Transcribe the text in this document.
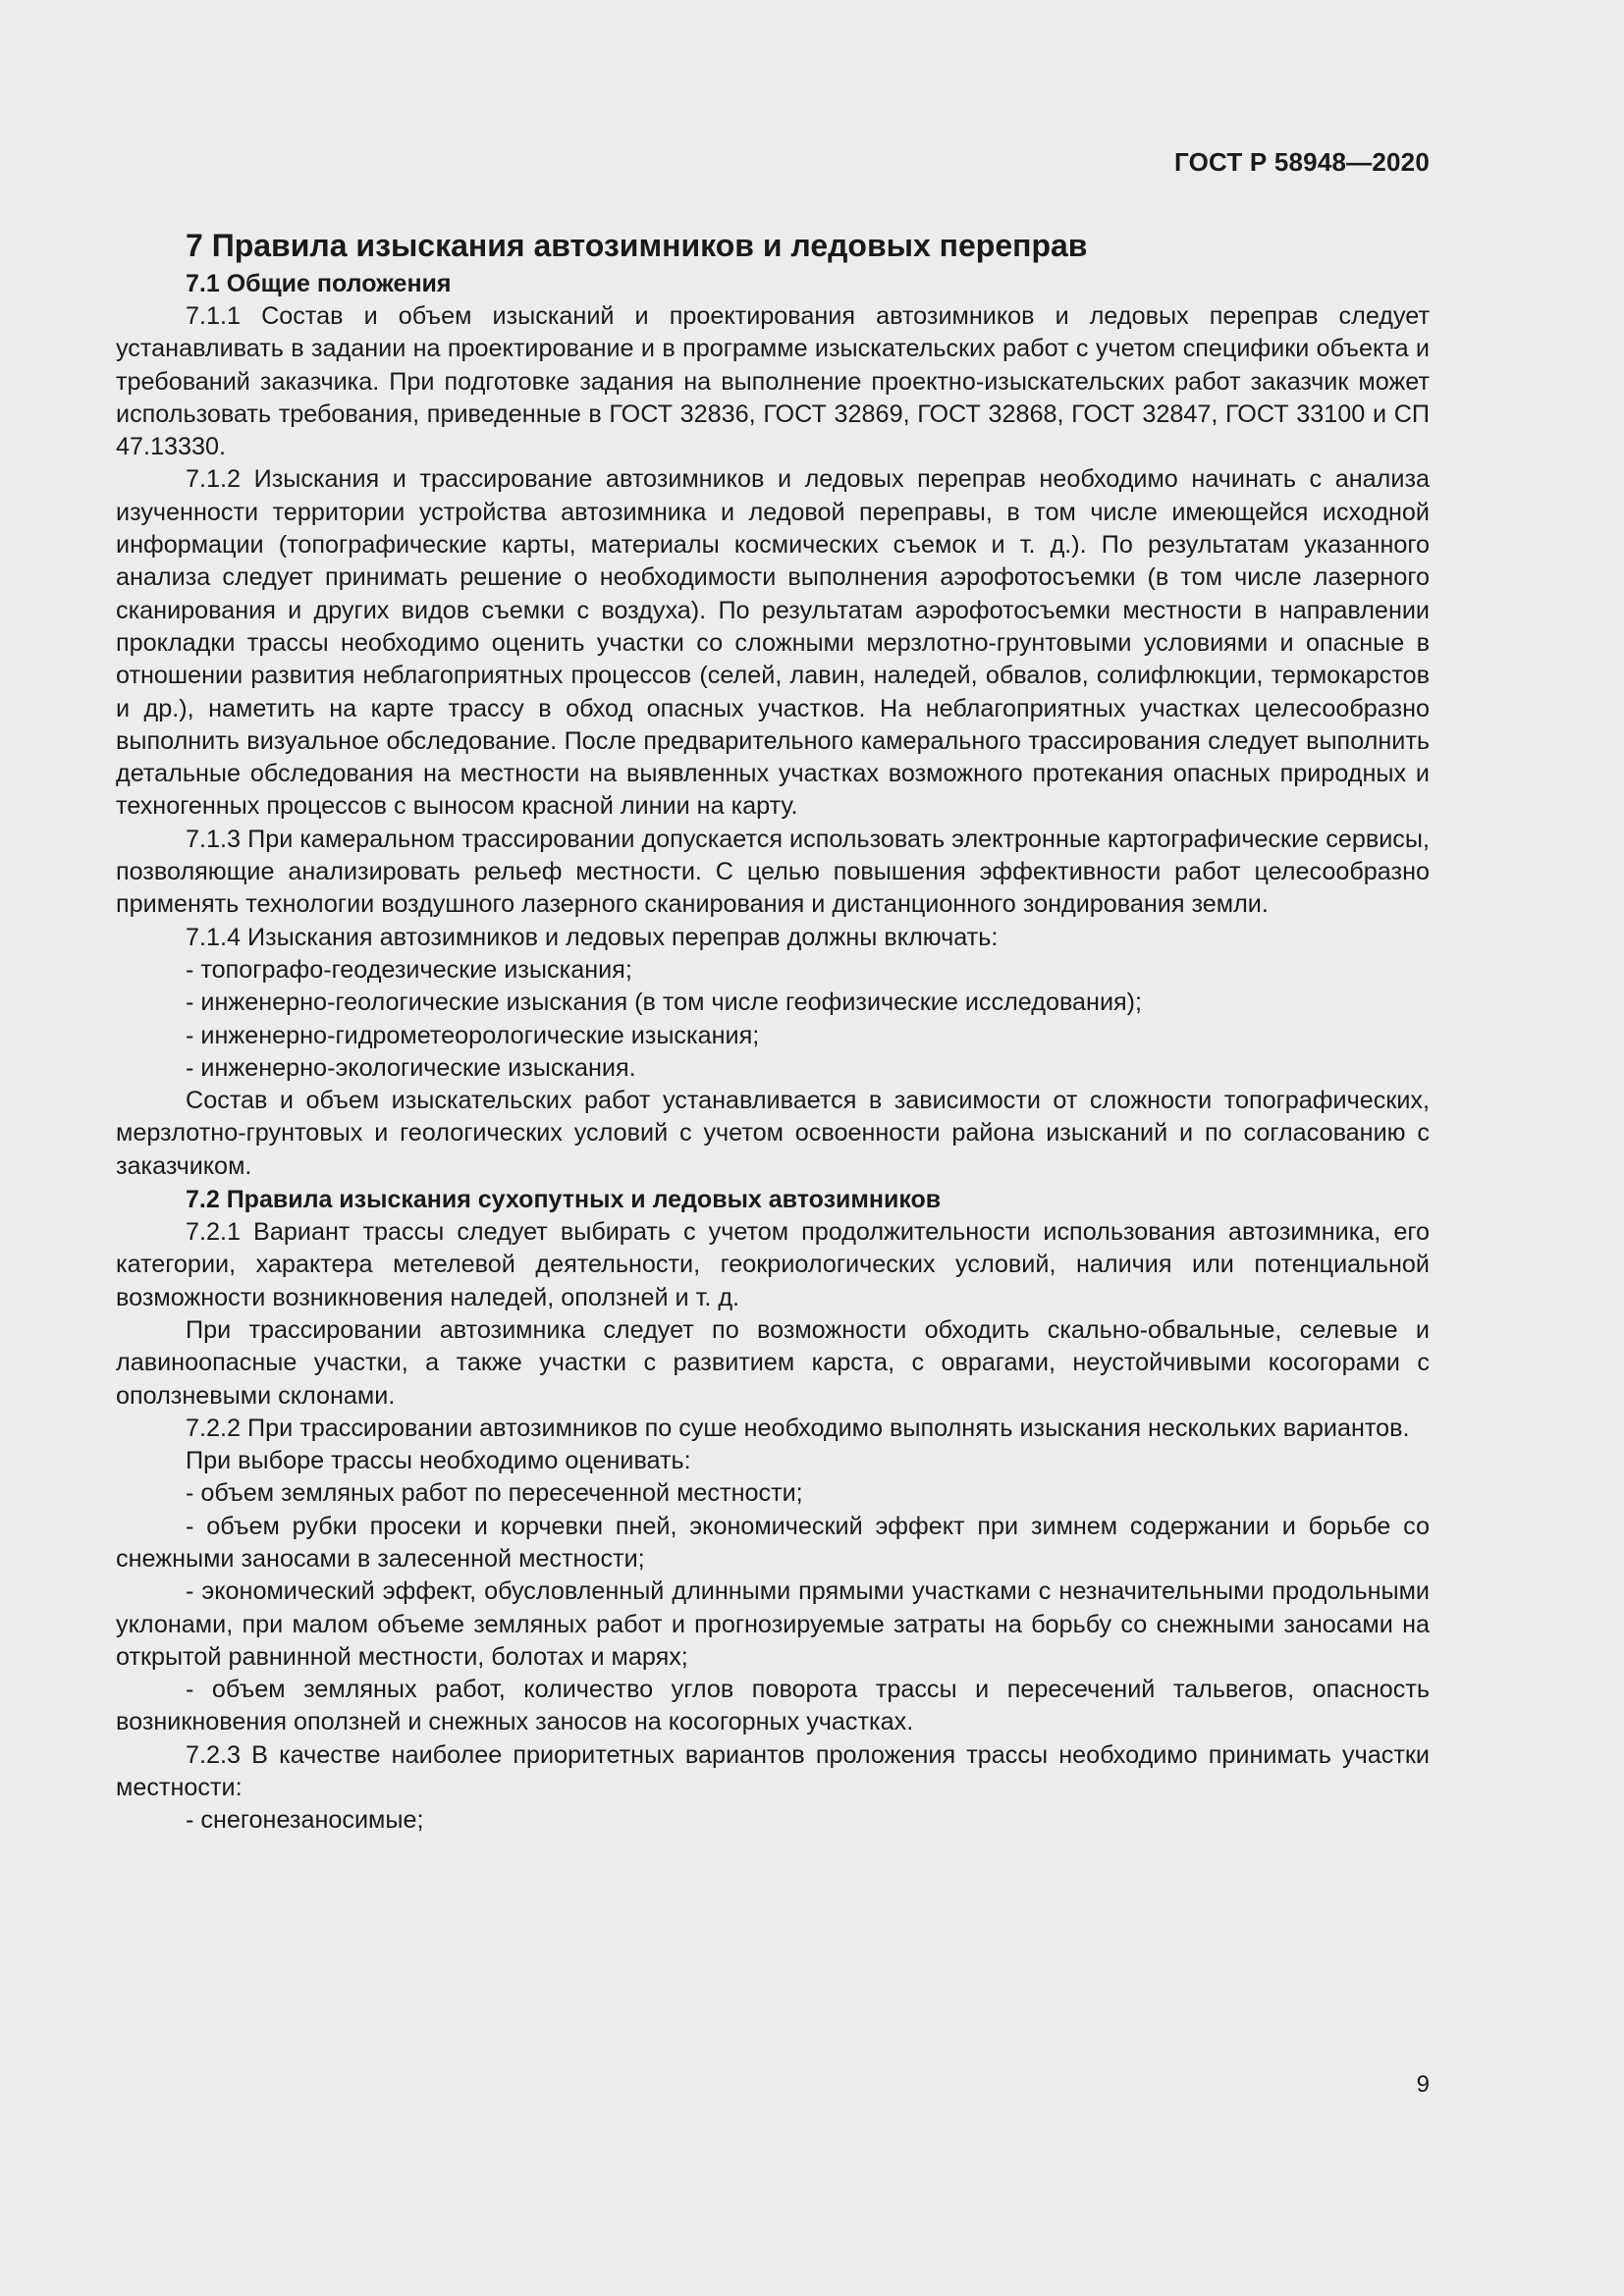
ГОСТ Р 58948—2020
7 Правила изыскания автозимников и ледовых переправ
7.1 Общие положения

7.1.1 Состав и объем изысканий и проектирования автозимников и ледовых переправ следует устанавливать в задании на проектирование и в программе изыскательских работ с учетом специфики объекта и требований заказчика. При подготовке задания на выполнение проектно-изыскательских работ заказчик может использовать требования, приведенные в ГОСТ 32836, ГОСТ 32869, ГОСТ 32868, ГОСТ 32847, ГОСТ 33100 и СП 47.13330.

7.1.2 Изыскания и трассирование автозимников и ледовых переправ необходимо начинать с анализа изученности территории устройства автозимника и ледовой переправы, в том числе имеющейся исходной информации (топографические карты, материалы космических съемок и т. д.). По результатам указанного анализа следует принимать решение о необходимости выполнения аэрофотосъемки (в том числе лазерного сканирования и других видов съемки с воздуха). По результатам аэрофотосъемки местности в направлении прокладки трассы необходимо оценить участки со сложными мерзлотно-грунтовыми условиями и опасные в отношении развития неблагоприятных процессов (селей, лавин, наледей, обвалов, солифлюкции, термокарстов и др.), наметить на карте трассу в обход опасных участков. На неблагоприятных участках целесообразно выполнить визуальное обследование. После предварительного камерального трассирования следует выполнить детальные обследования на местности на выявленных участках возможного протекания опасных природных и техногенных процессов с выносом красной линии на карту.

7.1.3 При камеральном трассировании допускается использовать электронные картографические сервисы, позволяющие анализировать рельеф местности. С целью повышения эффективности работ целесообразно применять технологии воздушного лазерного сканирования и дистанционного зондирования земли.

7.1.4 Изыскания автозимников и ледовых переправ должны включать:

- топографо-геодезические изыскания;

- инженерно-геологические изыскания (в том числе геофизические исследования);

- инженерно-гидрометеорологические изыскания;

- инженерно-экологические изыскания.

Состав и объем изыскательских работ устанавливается в зависимости от сложности топографических, мерзлотно-грунтовых и геологических условий с учетом освоенности района изысканий и по согласованию с заказчиком.

7.2 Правила изыскания сухопутных и ледовых автозимников

7.2.1 Вариант трассы следует выбирать с учетом продолжительности использования автозимника, его категории, характера метелевой деятельности, геокриологических условий, наличия или потенциальной возможности возникновения наледей, оползней и т. д.

При трассировании автозимника следует по возможности обходить скально-обвальные, селевые и лавиноопасные участки, а также участки с развитием карста, с оврагами, неустойчивыми косогорами с оползневыми склонами.

7.2.2 При трассировании автозимников по суше необходимо выполнять изыскания нескольких вариантов.

При выборе трассы необходимо оценивать:

- объем земляных работ по пересеченной местности;

- объем рубки просеки и корчевки пней, экономический эффект при зимнем содержании и борьбе со снежными заносами в залесенной местности;

- экономический эффект, обусловленный длинными прямыми участками с незначительными продольными уклонами, при малом объеме земляных работ и прогнозируемые затраты на борьбу со снежными заносами на открытой равнинной местности, болотах и марях;

- объем земляных работ, количество углов поворота трассы и пересечений тальвегов, опасность возникновения оползней и снежных заносов на косогорных участках.

7.2.3 В качестве наиболее приоритетных вариантов проложения трассы необходимо принимать участки местности:

- снегонезаносимые;

9
